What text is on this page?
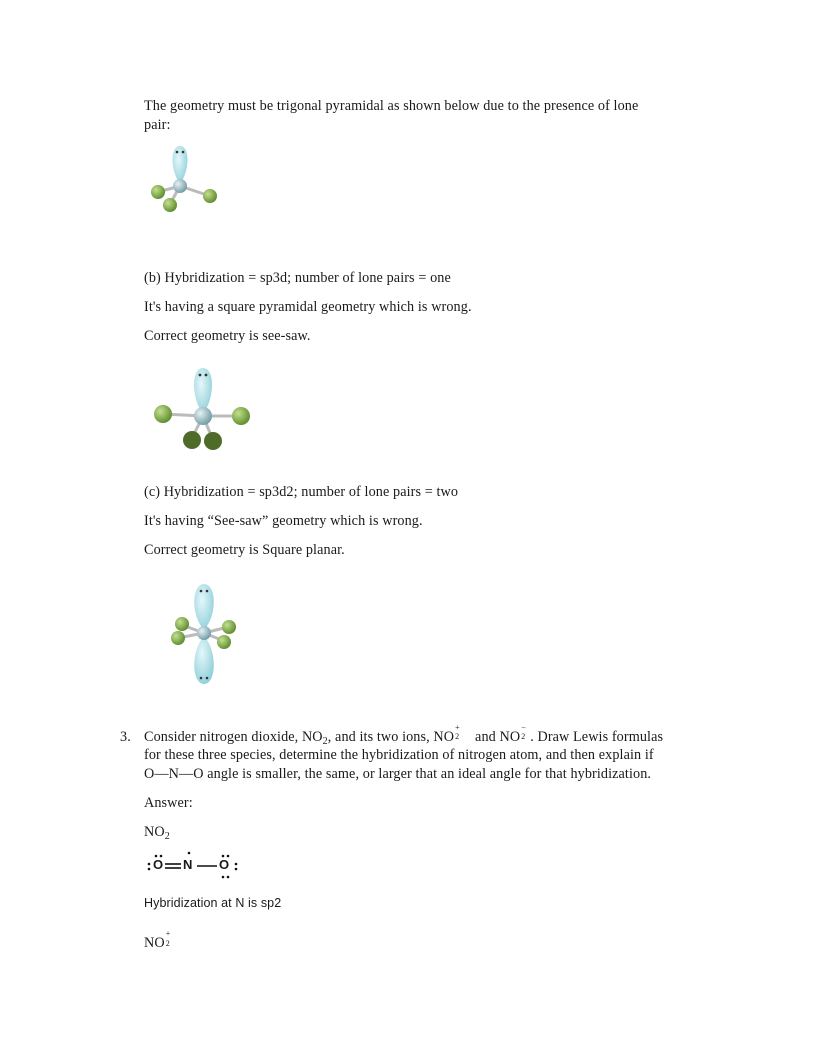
The geometry must be trigonal pyramidal as shown below due to the presence of lone
pair:
(b) Hybridization = sp3d; number of lone pairs = one
It's having a square pyramidal geometry which is wrong.
Correct geometry is see-saw.
(c) Hybridization = sp3d2; number of lone pairs = two
It's having “See-saw” geometry which is wrong.
Correct geometry is Square planar.
3. Consider nitrogen dioxide, $NO_2$, and its two ions, NO
+
2 and NO
−
2 . Draw Lewis formulas
for these three species, determine the hybridization of nitrogen atom, and then explain if
O—N—O angle is smaller, the same, or larger that an ideal angle for that hybridization.
Answer:
$NO_2$
O N O
Hybridization at N is sp2
NO
+
2
